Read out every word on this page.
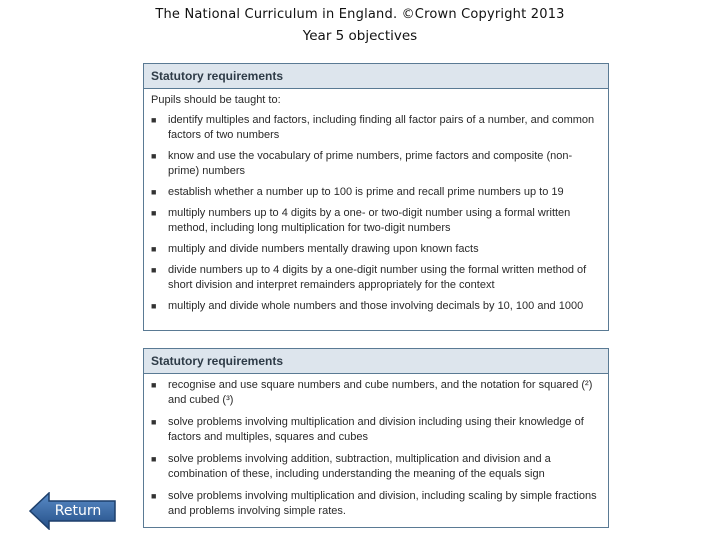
The National Curriculum in England. ©Crown Copyright 2013
Year 5 objectives
Statutory requirements
Pupils should be taught to:
■	identify multiples and factors, including finding all factor pairs of a number, and common factors of two numbers
■	know and use the vocabulary of prime numbers, prime factors and composite (non-prime) numbers
■	establish whether a number up to 100 is prime and recall prime numbers up to 19
■	multiply numbers up to 4 digits by a one- or two-digit number using a formal written method, including long multiplication for two-digit numbers
■	multiply and divide numbers mentally drawing upon known facts
■	divide numbers up to 4 digits by a one-digit number using the formal written method of short division and interpret remainders appropriately for the context
■	multiply and divide whole numbers and those involving decimals by 10, 100 and 1000
Statutory requirements
■	recognise and use square numbers and cube numbers, and the notation for squared (²) and cubed (³)
■	solve problems involving multiplication and division including using their knowledge of factors and multiples, squares and cubes
■	solve problems involving addition, subtraction, multiplication and division and a combination of these, including understanding the meaning of the equals sign
■	solve problems involving multiplication and division, including scaling by simple fractions and problems involving simple rates.
Return
